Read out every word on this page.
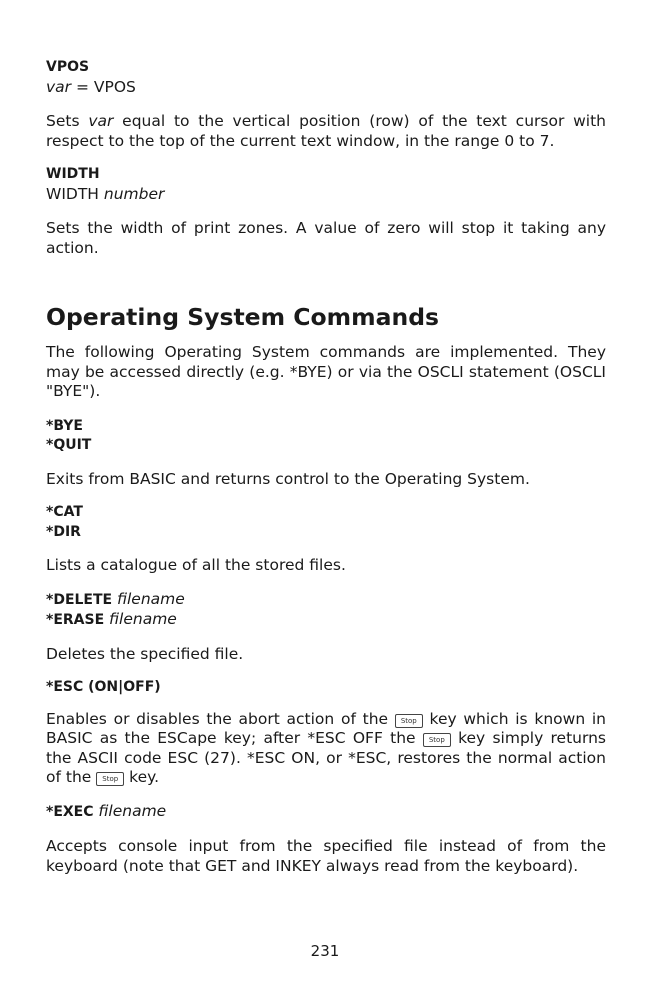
VPOS
var = VPOS
Sets var equal to the vertical position (row) of the text cursor with respect to the top of the current text window, in the range 0 to 7.
WIDTH
WIDTH number
Sets the width of print zones. A value of zero will stop it taking any action.
Operating System Commands
The following Operating System commands are implemented. They may be accessed directly (e.g. *BYE) or via the OSCLI statement (OSCLI "BYE").
*BYE
*QUIT
Exits from BASIC and returns control to the Operating System.
*CAT
*DIR
Lists a catalogue of all the stored files.
*DELETE filename
*ERASE filename
Deletes the specified file.
*ESC (ON|OFF)
Enables or disables the abort action of the Stop key which is known in BASIC as the ESCape key; after *ESC OFF the Stop key simply returns the ASCII code ESC (27). *ESC ON, or *ESC, restores the normal action of the Stop key.
*EXEC filename
Accepts console input from the specified file instead of from the keyboard (note that GET and INKEY always read from the keyboard).
231
